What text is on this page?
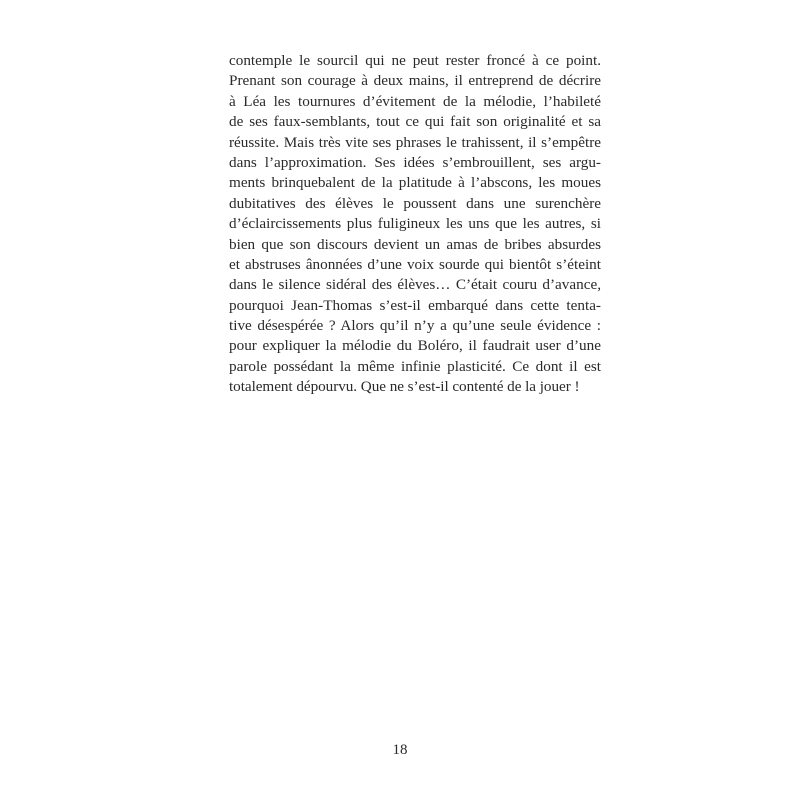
contemple le sourcil qui ne peut rester froncé à ce point.
Prenant son courage à deux mains, il entreprend de décrire
à Léa les tournures d’évitement de la mélodie, l’habileté
de ses faux-semblants, tout ce qui fait son originalité et sa
réussite. Mais très vite ses phrases le trahissent, il s’empêtre
dans l’approximation. Ses idées s’embrouillent, ses argu-
ments brinquebalent de la platitude à l’abscons, les moues
dubitatives des élèves le poussent dans une surenchère
d’éclaircissements plus fuligineux les uns que les autres, si
bien que son discours devient un amas de bribes absurdes
et abstruses ânonnées d’une voix sourde qui bientôt s’éteint
dans le silence sidéral des élèves… C’était couru d’avance,
pourquoi Jean-Thomas s’est-il embarqué dans cette tenta-
tive désespérée ? Alors qu’il n’y a qu’une seule évidence :
pour expliquer la mélodie du Boléro, il faudrait user d’une
parole possédant la même infinie plasticité. Ce dont il est
totalement dépourvu. Que ne s’est-il contenté de la jouer !
18
